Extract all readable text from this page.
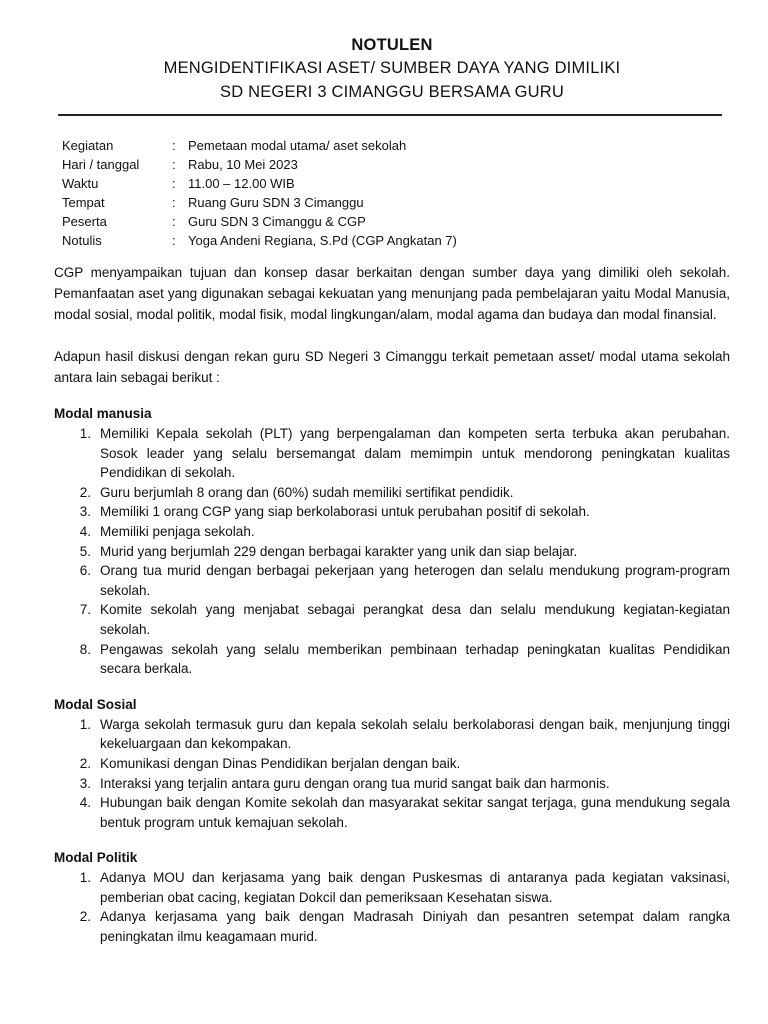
NOTULEN
MENGIDENTIFIKASI ASET/ SUMBER DAYA YANG DIMILIKI
SD NEGERI 3 CIMANGGU BERSAMA GURU
Kegiatan	: Pemetaan modal utama/ aset sekolah
Hari / tanggal	: Rabu, 10 Mei 2023
Waktu	: 11.00 – 12.00 WIB
Tempat	: Ruang Guru SDN 3 Cimanggu
Peserta	: Guru SDN 3 Cimanggu & CGP
Notulis	: Yoga Andeni Regiana, S.Pd (CGP Angkatan 7)

CGP menyampaikan tujuan dan konsep dasar berkaitan dengan sumber daya yang dimiliki oleh sekolah. Pemanfaatan aset yang digunakan sebagai kekuatan yang menunjang pada pembelajaran yaitu Modal Manusia, modal sosial, modal politik, modal fisik, modal lingkungan/alam, modal agama dan budaya dan modal finansial.

Adapun hasil diskusi dengan rekan guru SD Negeri 3 Cimanggu terkait pemetaan asset/ modal utama sekolah antara lain sebagai berikut :

Modal manusia
1. Memiliki Kepala sekolah (PLT) yang berpengalaman dan kompeten serta terbuka akan perubahan. Sosok leader yang selalu bersemangat dalam memimpin untuk mendorong peningkatan kualitas Pendidikan di sekolah.
2. Guru berjumlah 8 orang dan (60%) sudah memiliki sertifikat pendidik.
3. Memiliki 1 orang CGP yang siap berkolaborasi untuk perubahan positif di sekolah.
4. Memiliki penjaga sekolah.
5. Murid yang berjumlah 229 dengan berbagai karakter yang unik dan siap belajar.
6. Orang tua murid dengan berbagai pekerjaan yang heterogen dan selalu mendukung program-program sekolah.
7. Komite sekolah yang menjabat sebagai perangkat desa dan selalu mendukung kegiatan-kegiatan sekolah.
8. Pengawas sekolah yang selalu memberikan pembinaan terhadap peningkatan kualitas Pendidikan secara berkala.
Modal Sosial
1. Warga sekolah termasuk guru dan kepala sekolah selalu berkolaborasi dengan baik, menjunjung tinggi kekeluargaan dan kekompakan.
2. Komunikasi dengan Dinas Pendidikan berjalan dengan baik.
3. Interaksi yang terjalin antara guru dengan orang tua murid sangat baik dan harmonis.
4. Hubungan baik dengan Komite sekolah dan masyarakat sekitar sangat terjaga, guna mendukung segala bentuk program untuk kemajuan sekolah.
Modal Politik
1. Adanya MOU dan kerjasama yang baik dengan Puskesmas di antaranya pada kegiatan vaksinasi, pemberian obat cacing, kegiatan Dokcil dan pemeriksaan Kesehatan siswa.
2. Adanya kerjasama yang baik dengan Madrasah Diniyah dan pesantren setempat dalam rangka peningkatan ilmu keagamaan murid.
